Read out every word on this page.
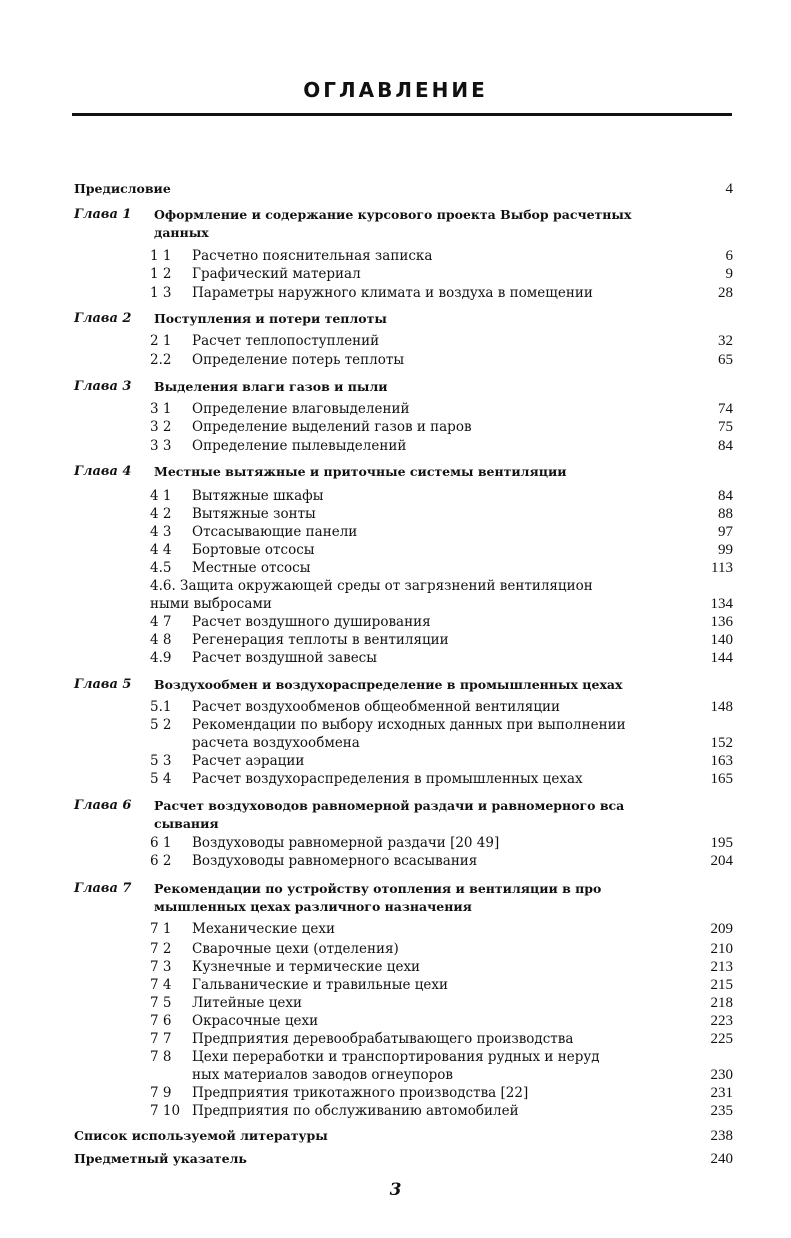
ОГЛАВЛЕНИЕ
Предисловие	4
Глава 1 Оформление и содержание курсового проекта Выбор расчетных
данных
1 1 Расчетно пояснительная записка	6
1 2 Графический материал	9
1 3 Параметры наружного климата и воздуха в помещении	28
Глава 2 Поступления и потери теплоты
2 1 Расчет теплопоступлений	32
2.2 Определение потерь теплоты	65
Глава 3 Выделения влаги газов и пыли
3 1 Определение влаговыделений	74
3 2 Определение выделений газов и паров	75
3 3 Определение пылевыделений	84
Глава 4 Местные вытяжные и приточные системы вентиляции
4 1 Вытяжные шкафы	84
4 2 Вытяжные зонты	88
4 3 Отсасывающие панели	97
4 4 Бортовые отсосы	99
4.5 Местные отсосы	113
4.6. Защита окружающей среды от загрязнений вентиляцион
ными выбросами	134
4 7 Расчет воздушного душирования	136
4 8 Регенерация теплоты в вентиляции	140
4.9 Расчет воздушной завесы	144
Глава 5 Воздухообмен и воздухораспределение в промышленных цехах
5.1 Расчет воздухообменов общеобменной вентиляции	148
5 2 Рекомендации по выбору исходных данных при выполнении
расчета воздухообмена	152
5 3 Расчет аэрации	163
5 4 Расчет воздухораспределения в промышленных цехах	165
Глава 6 Расчет воздуховодов равномерной раздачи и равномерного вса
сывания
6 1 Воздуховоды равномерной раздачи [20 49]	195
6 2 Воздуховоды равномерного всасывания	204
Глава 7 Рекомендации по устройству отопления и вентиляции в про
мышленных цехах различного назначения
7 1 Механические цехи	209
7 2 Сварочные цехи (отделения)	210
7 3 Кузнечные и термические цехи	213
7 4 Гальванические и травильные цехи	215
7 5 Литейные цехи	218
7 6 Окрасочные цехи	223
7 7 Предприятия деревообрабатывающего производства	225
7 8 Цехи переработки и транспортирования рудных и неруд
ных материалов заводов огнеупоров	230
7 9 Предприятия трикотажного производства [22]	231
7 10 Предприятия по обслуживанию автомобилей	235
Список используемой литературы	238
Предметный указатель	240
3
